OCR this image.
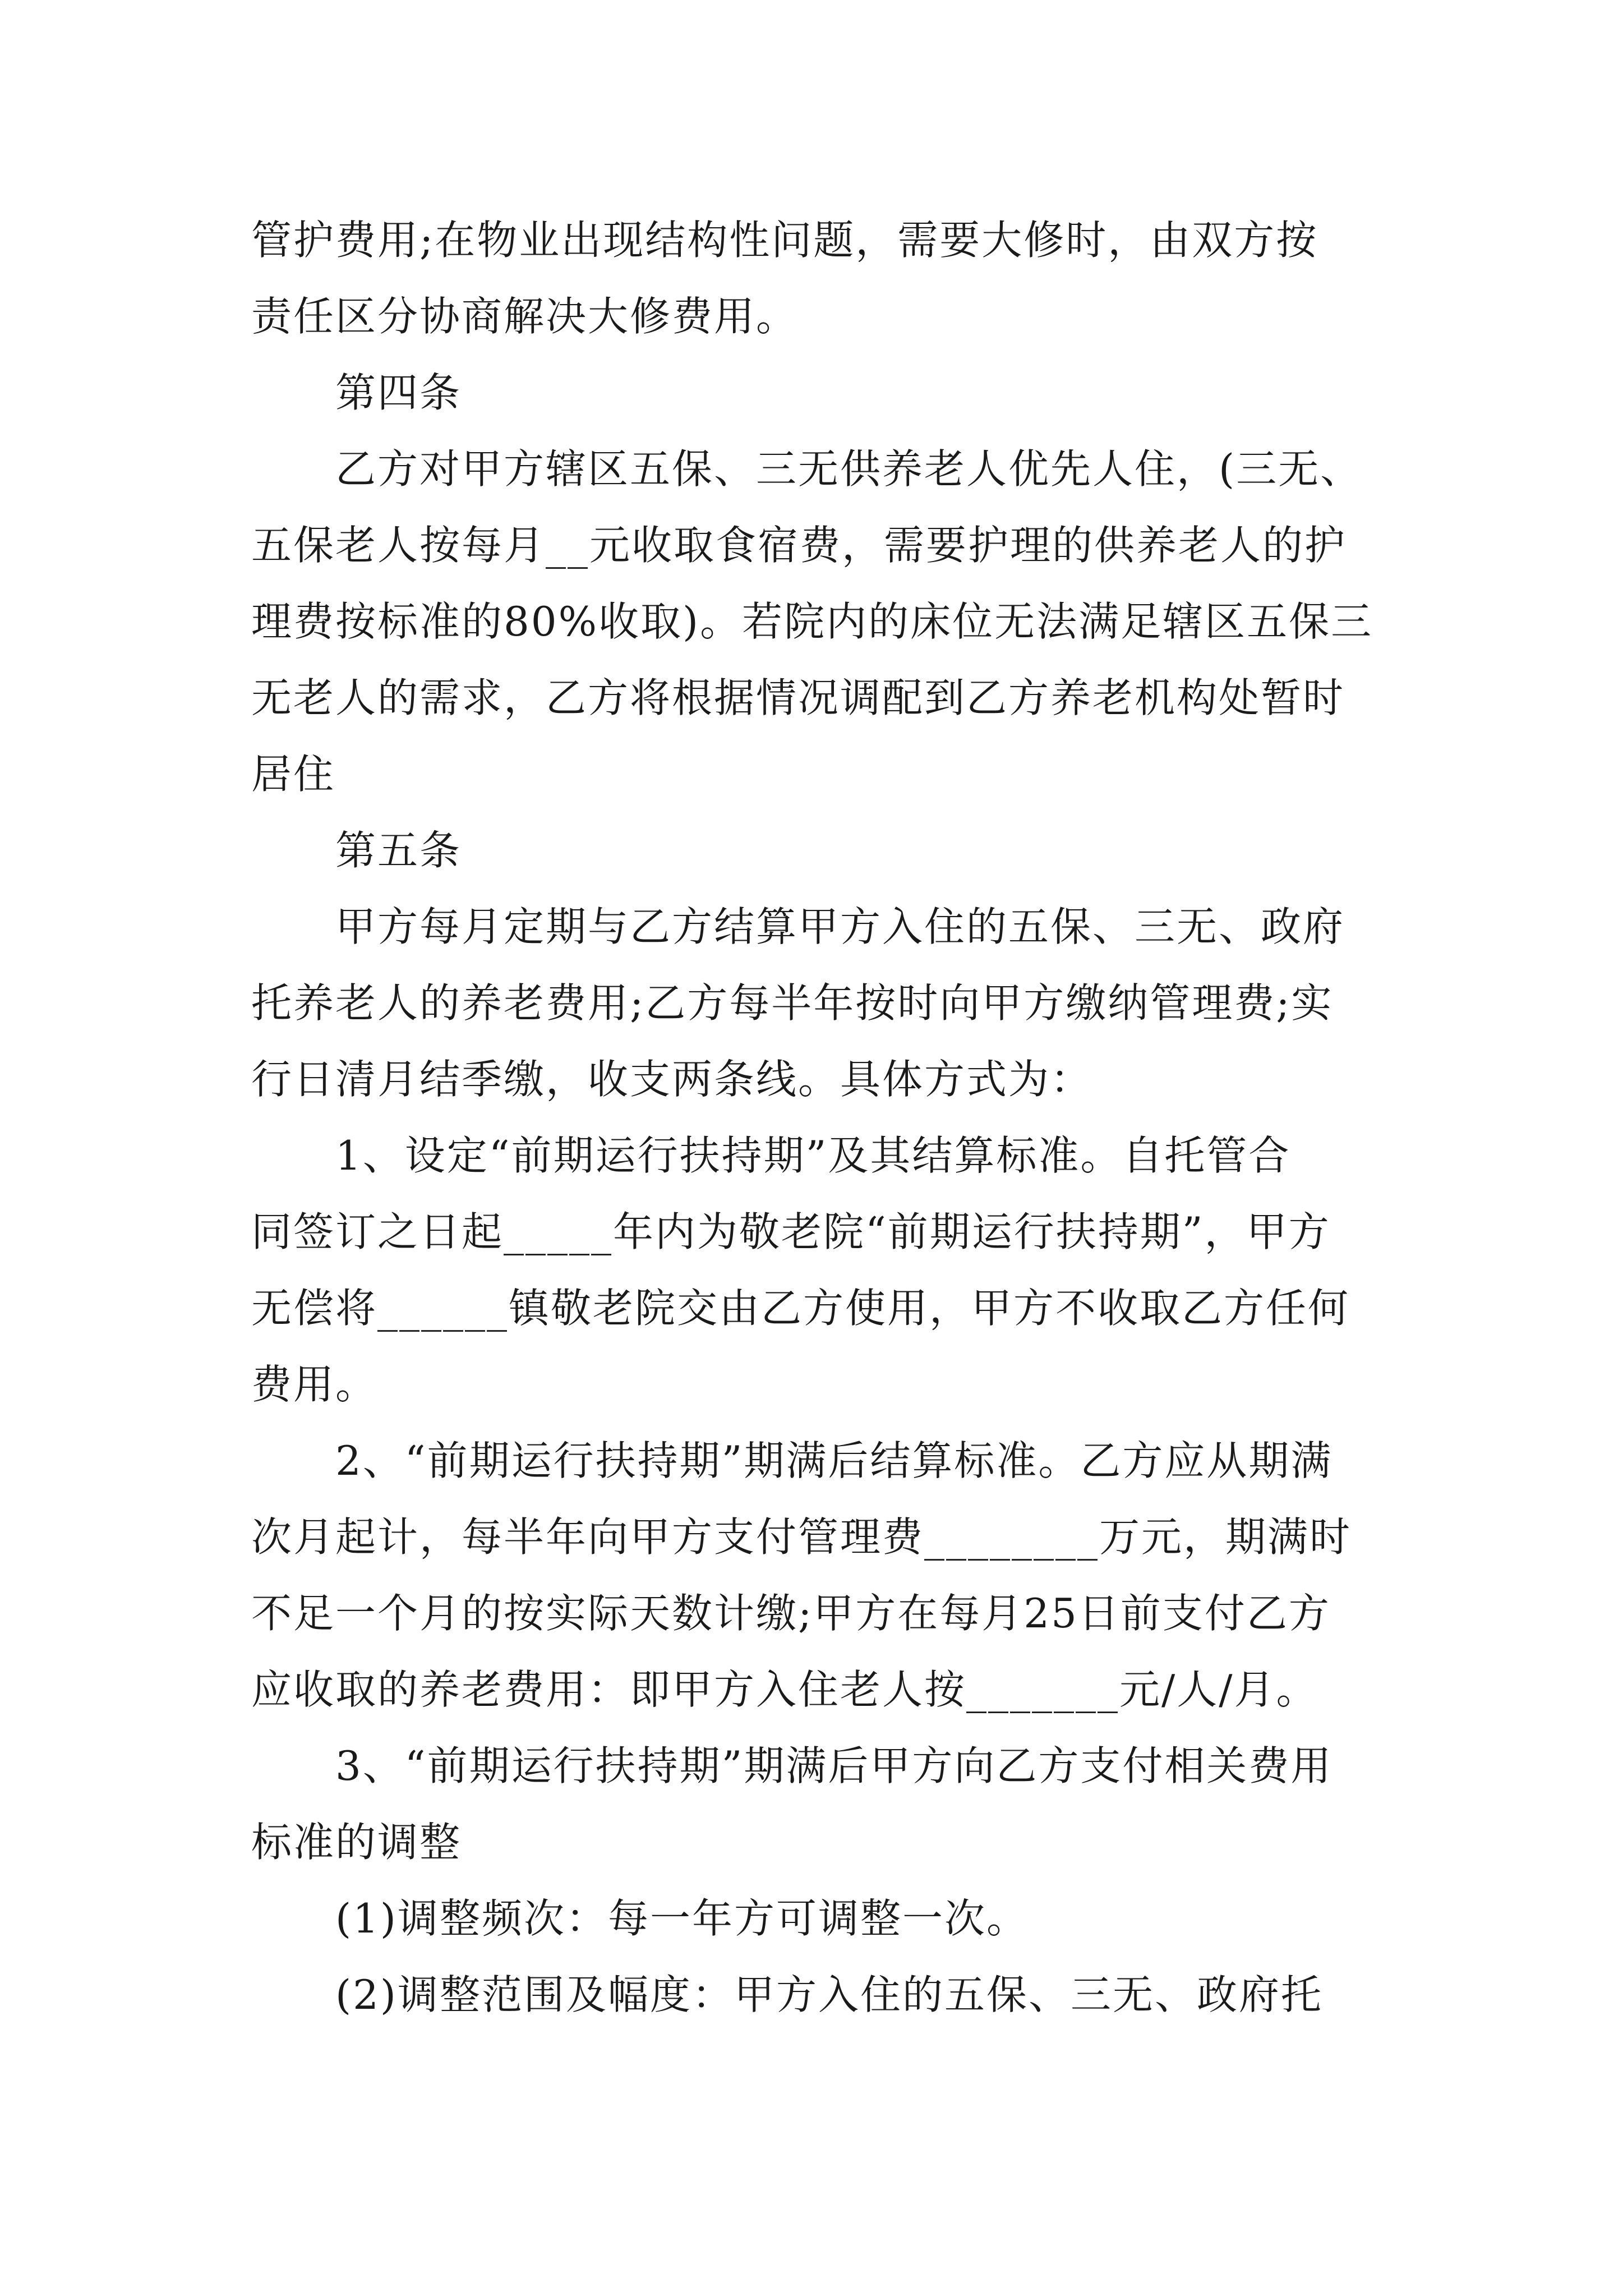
管护费用;在物业出现结构性问题，需要大修时，由双方按
责任区分协商解决大修费用。
第四条
乙方对甲方辖区五保、三无供养老人优先人住，(三无、
五保老人按每月__元收取食宿费，需要护理的供养老人的护
理费按标准的80%收取)。若院内的床位无法满足辖区五保三
无老人的需求，乙方将根据情况调配到乙方养老机构处暂时
居住
第五条
甲方每月定期与乙方结算甲方入住的五保、三无、政府
托养老人的养老费用;乙方每半年按时向甲方缴纳管理费;实
行日清月结季缴，收支两条线。具体方式为：
1、设定“前期运行扶持期”及其结算标准。自托管合
同签订之日起_____年内为敬老院“前期运行扶持期”，甲方
无偿将______镇敬老院交由乙方使用，甲方不收取乙方任何
费用。
2、“前期运行扶持期”期满后结算标准。乙方应从期满
次月起计，每半年向甲方支付管理费________万元，期满时
不足一个月的按实际天数计缴;甲方在每月25日前支付乙方
应收取的养老费用：即甲方入住老人按_______元/人/月。
3、“前期运行扶持期”期满后甲方向乙方支付相关费用
标准的调整
(1)调整频次：每一年方可调整一次。
(2)调整范围及幅度：甲方入住的五保、三无、政府托
